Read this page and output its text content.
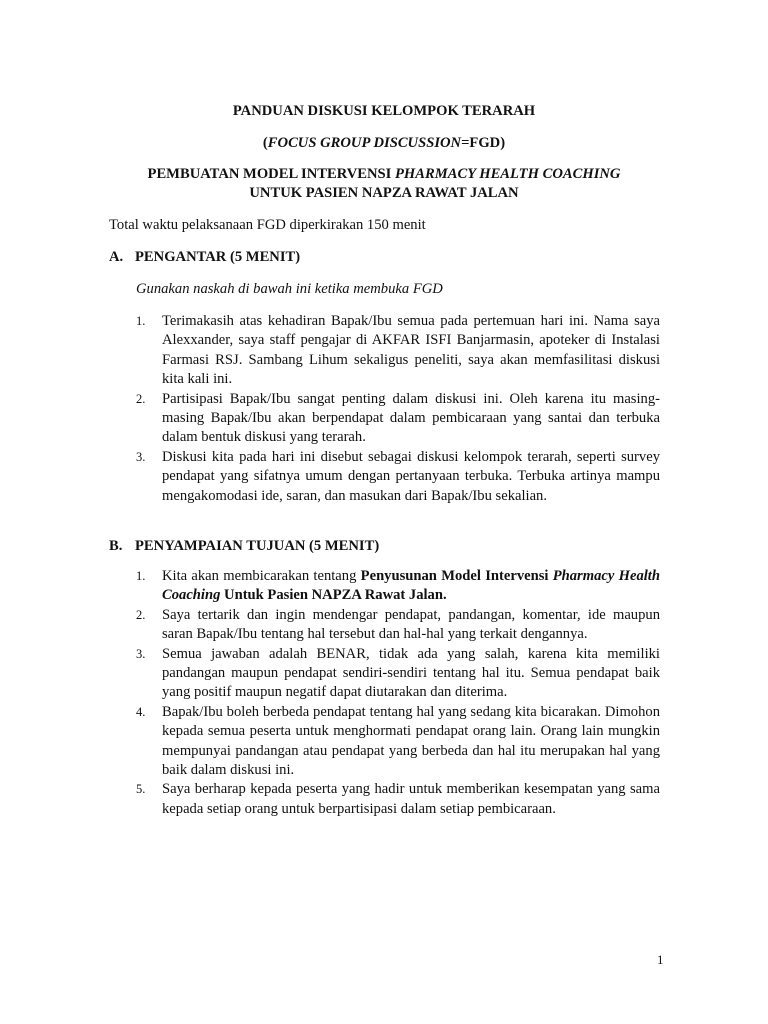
PANDUAN DISKUSI KELOMPOK TERARAH
(FOCUS GROUP DISCUSSION=FGD)
PEMBUATAN MODEL INTERVENSI PHARMACY HEALTH COACHING
UNTUK PASIEN NAPZA RAWAT JALAN
Total waktu pelaksanaan FGD diperkirakan 150 menit
A. PENGANTAR (5 MENIT)
Gunakan naskah di bawah ini ketika membuka FGD
1. Terimakasih atas kehadiran Bapak/Ibu semua pada pertemuan hari ini. Nama saya Alexxander, saya staff pengajar di AKFAR ISFI Banjarmasin, apoteker di Instalasi Farmasi RSJ. Sambang Lihum sekaligus peneliti, saya akan memfasilitasi diskusi kita kali ini.
2. Partisipasi Bapak/Ibu sangat penting dalam diskusi ini. Oleh karena itu masing-masing Bapak/Ibu akan berpendapat dalam pembicaraan yang santai dan terbuka dalam bentuk diskusi yang terarah.
3. Diskusi kita pada hari ini disebut sebagai diskusi kelompok terarah, seperti survey pendapat yang sifatnya umum dengan pertanyaan terbuka. Terbuka artinya mampu mengakomodasi ide, saran, dan masukan dari Bapak/Ibu sekalian.
B. PENYAMPAIAN TUJUAN (5 MENIT)
1. Kita akan membicarakan tentang Penyusunan Model Intervensi Pharmacy Health Coaching Untuk Pasien NAPZA Rawat Jalan.
2. Saya tertarik dan ingin mendengar pendapat, pandangan, komentar, ide maupun saran Bapak/Ibu tentang hal tersebut dan hal-hal yang terkait dengannya.
3. Semua jawaban adalah BENAR, tidak ada yang salah, karena kita memiliki pandangan maupun pendapat sendiri-sendiri tentang hal itu. Semua pendapat baik yang positif maupun negatif dapat diutarakan dan diterima.
4. Bapak/Ibu boleh berbeda pendapat tentang hal yang sedang kita bicarakan. Dimohon kepada semua peserta untuk menghormati pendapat orang lain. Orang lain mungkin mempunyai pandangan atau pendapat yang berbeda dan hal itu merupakan hal yang baik dalam diskusi ini.
5. Saya berharap kepada peserta yang hadir untuk memberikan kesempatan yang sama kepada setiap orang untuk berpartisipasi dalam setiap pembicaraan.
1
